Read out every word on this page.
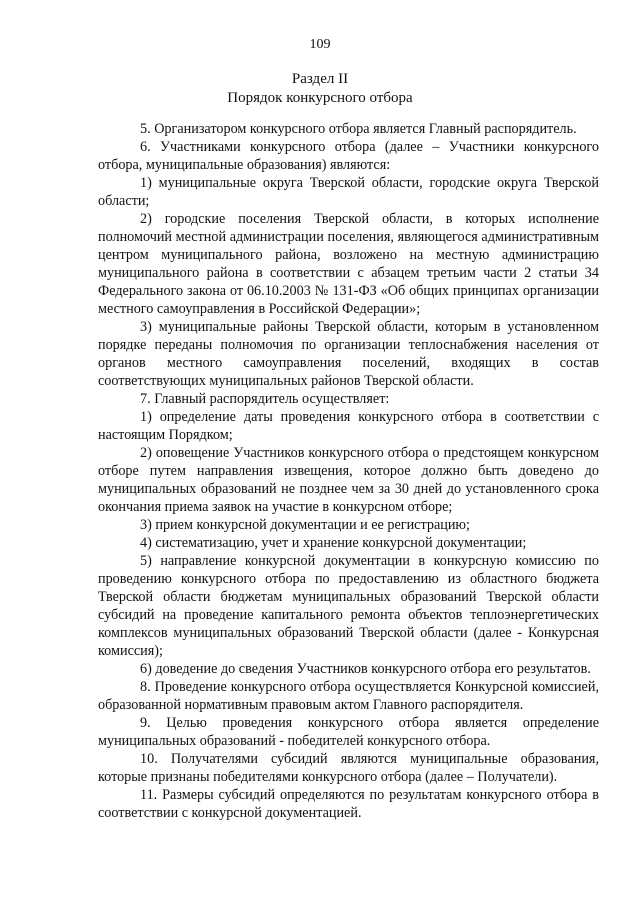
109
Раздел II
Порядок конкурсного отбора

5. Организатором конкурсного отбора является Главный распорядитель.

6. Участниками конкурсного отбора (далее – Участники конкурсного отбора, муниципальные образования) являются:

1) муниципальные округа Тверской области, городские округа Тверской области;

2) городские поселения Тверской области, в которых исполнение полномочий местной администрации поселения, являющегося административным центром муниципального района, возложено на местную администрацию муниципального района в соответствии с абзацем третьим части 2 статьи 34 Федерального закона от 06.10.2003 № 131-ФЗ «Об общих принципах организации местного самоуправления в Российской Федерации»;

3) муниципальные районы Тверской области, которым в установленном порядке переданы полномочия по организации теплоснабжения населения от органов местного самоуправления поселений, входящих в состав соответствующих муниципальных районов Тверской области.

7. Главный распорядитель осуществляет:

1) определение даты проведения конкурсного отбора в соответствии с настоящим Порядком;

2) оповещение Участников конкурсного отбора о предстоящем конкурсном отборе путем направления извещения, которое должно быть доведено до муниципальных образований не позднее чем за 30 дней до установленного срока окончания приема заявок на участие в конкурсном отборе;

3) прием конкурсной документации и ее регистрацию;

4) систематизацию, учет и хранение конкурсной документации;

5) направление конкурсной документации в конкурсную комиссию по проведению конкурсного отбора по предоставлению из областного бюджета Тверской области бюджетам муниципальных образований Тверской области субсидий на проведение капитального ремонта объектов теплоэнергетических комплексов муниципальных образований Тверской области (далее - Конкурсная комиссия);

6) доведение до сведения Участников конкурсного отбора его результатов.

8. Проведение конкурсного отбора осуществляется Конкурсной комиссией, образованной нормативным правовым актом Главного распорядителя.

9. Целью проведения конкурсного отбора является определение муниципальных образований - победителей конкурсного отбора.

10. Получателями субсидий являются муниципальные образования, которые признаны победителями конкурсного отбора (далее – Получатели).

11. Размеры субсидий определяются по результатам конкурсного отбора в соответствии с конкурсной документацией.
